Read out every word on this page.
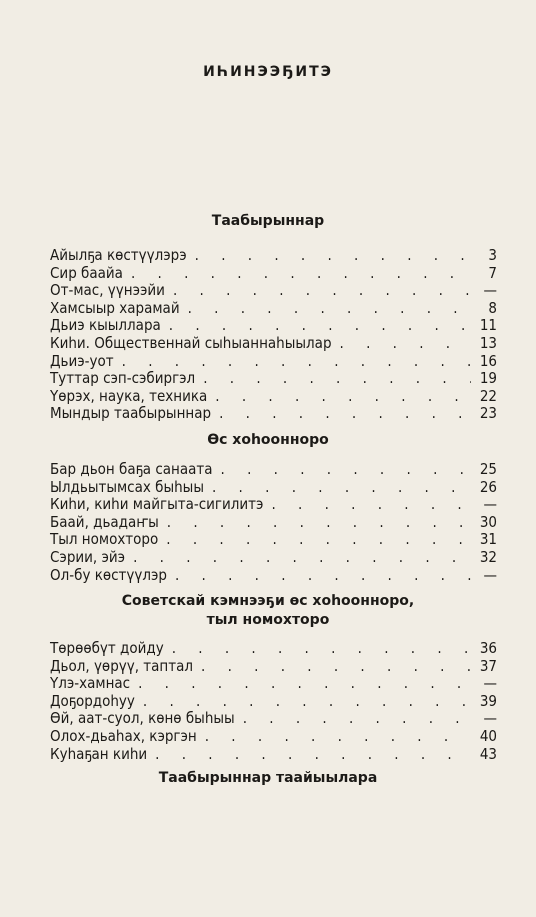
ИҺИНЭЭҔИТЭ
Таабырыннар
Айылҕа көстүүлэрэ . . .	3
Сир баайа . . .	7
От-мас, үүнээйи . . .	—
Хамсыыр харамай . . .	8
Дьиэ кыыллара . . .	11
Киһи. Общественнай сыһыаннаһыылар . . .	13
Дьиэ-уот . . .	16
Туттар сэп-сэбиргэл . . .	19
Үөрэх, наука, техника . . .	22
Мындыр таабырыннар . . .	23
Өс хоһооннoро
Бар дьон баҕа санаата . . .	25
Ылдьытымсах быһыы . . .	26
Киһи, киһи майгыта-сигилитэ . . .	—
Баай, дьадаҥы . . .	30
Тыл номохторо . . .	31
Сэрии, эйэ . . .	32
Ол-бу көстүүлэр . . .	—
Советскай кэмнээҕи өс хоһоонноро,
тыл номохторо
Төрөөбүт дойду . . .	36
Дьол, үөрүү, таптал . . .	37
Үлэ-хамнас . . .	—
Доҕордоһуу . . .	39
Өй, аат-суол, көнө быһыы . . .	—
Олох-дьаһах, кэргэн . . .	40
Куһаҕан киһи . . .	43
Таабырыннар таайыылара
